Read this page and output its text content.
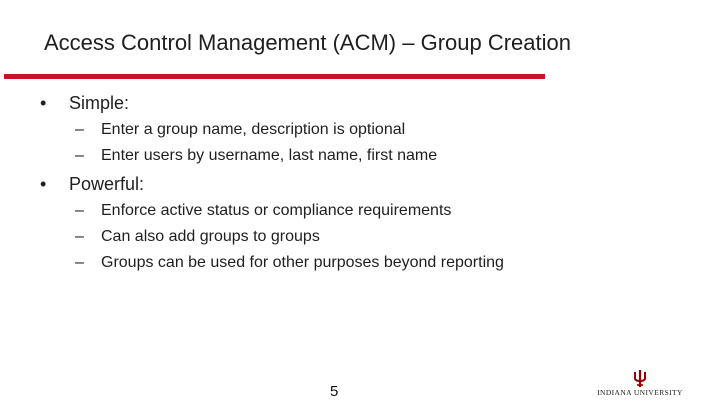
Access Control Management (ACM) – Group Creation
• Simple:
– Enter a group name, description is optional
– Enter users by username, last name, first name
• Powerful:
– Enforce active status or compliance requirements
– Can also add groups to groups
– Groups can be used for other purposes beyond reporting
5	INDIANA UNIVERSITY
